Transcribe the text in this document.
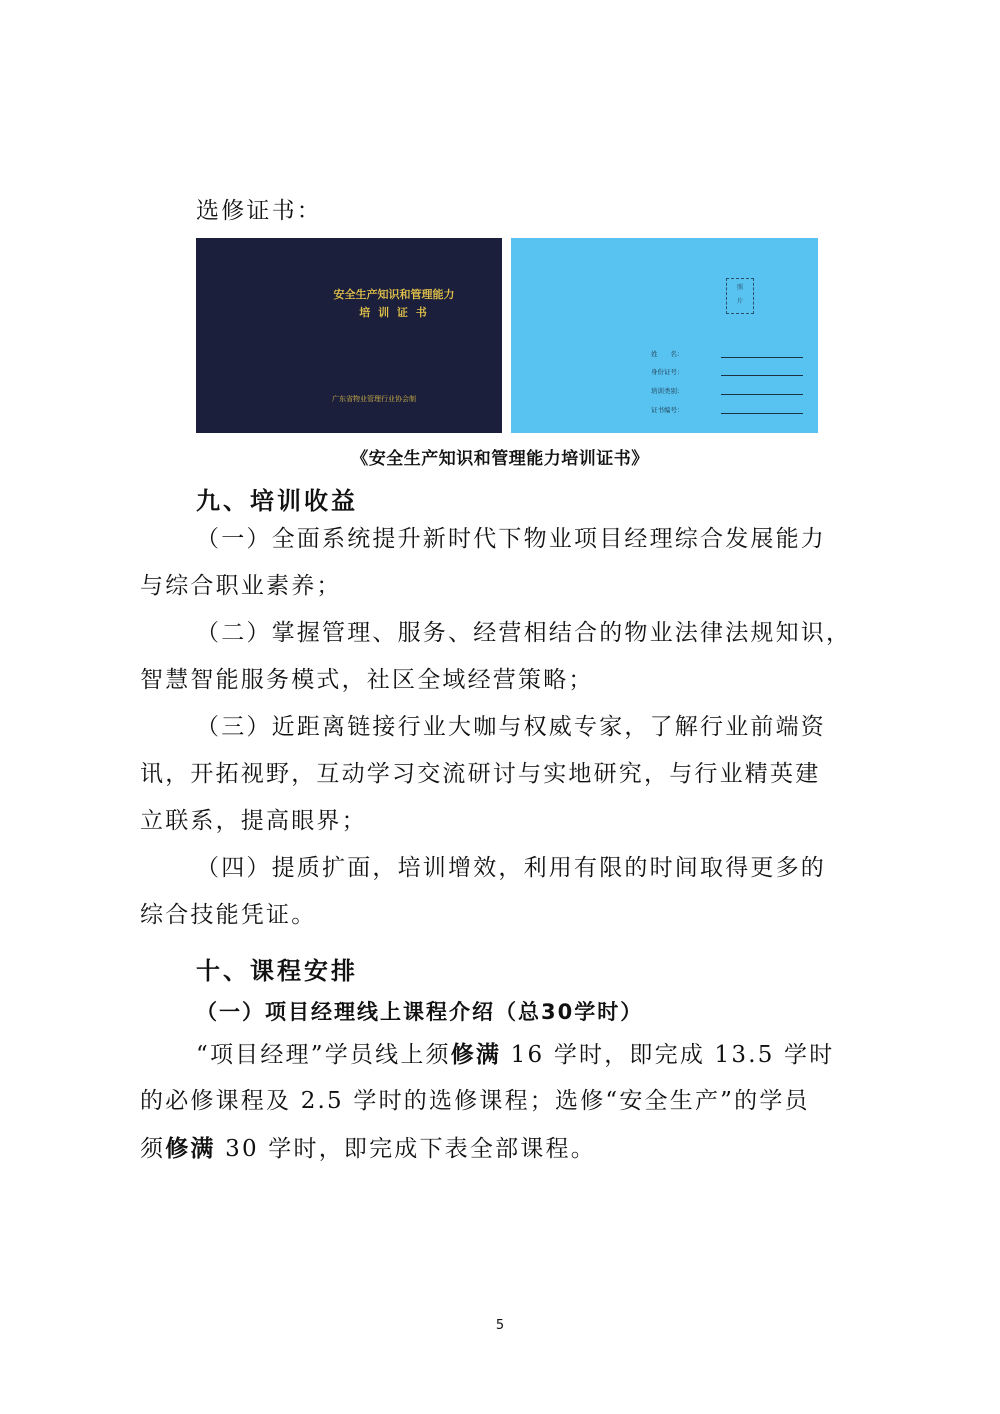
选修证书：

安全生产知识和管理能力
培 训 证 书
广东省物业管理行业协会制
照
片
姓　　名：
身份证号：
培训类别：
证书编号：

《安全生产知识和管理能力培训证书》

九、培训收益

（一）全面系统提升新时代下物业项目经理综合发展能力

与综合职业素养；

（二）掌握管理、服务、经营相结合的物业法律法规知识，

智慧智能服务模式，社区全域经营策略；

（三）近距离链接行业大咖与权威专家，了解行业前端资

讯，开拓视野，互动学习交流研讨与实地研究，与行业精英建

立联系，提高眼界；

（四）提质扩面，培训增效，利用有限的时间取得更多的

综合技能凭证。

十、课程安排

（一）项目经理线上课程介绍（总30学时）

“项目经理”学员线上须修满 16 学时，即完成 13.5 学时

的必修课程及 2.5 学时的选修课程；选修“安全生产”的学员

须修满 30 学时，即完成下表全部课程。

5
